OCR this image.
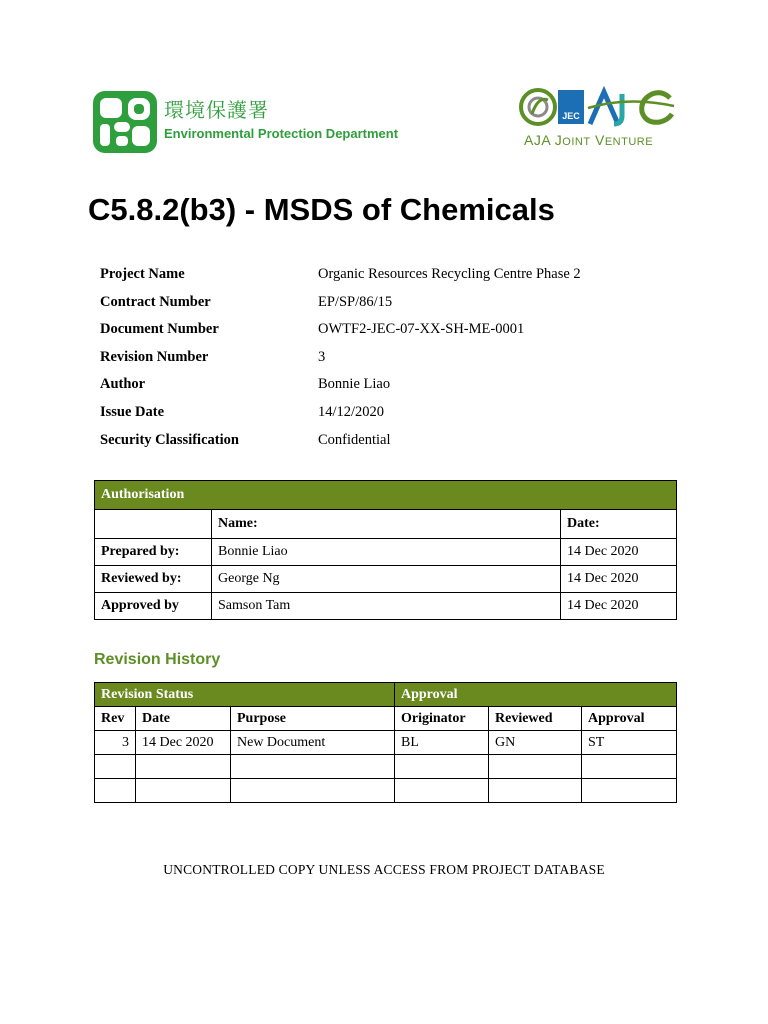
環境保護署
Environmental Protection Department
JEC
AJA JOINT VENTURE
C5.8.2(b3) - MSDS of Chemicals
Project Name	Organic Resources Recycling Centre Phase 2
Contract Number	EP/SP/86/15
Document Number	OWTF2-JEC-07-XX-SH-ME-0001
Revision Number	3
Author	Bonnie Liao
Issue Date	14/12/2020
Security Classification	Confidential
Authorisation		
	Name:	Date:
Prepared by:	Bonnie Liao	14 Dec 2020
Reviewed by:	George Ng	14 Dec 2020
Approved by	Samson Tam	14 Dec 2020
Revision History
Revision Status			Approval		
Rev	Date	Purpose	Originator	Reviewed	Approval
3	14 Dec 2020	New Document	BL	GN	ST

UNCONTROLLED COPY UNLESS ACCESS FROM PROJECT DATABASE
